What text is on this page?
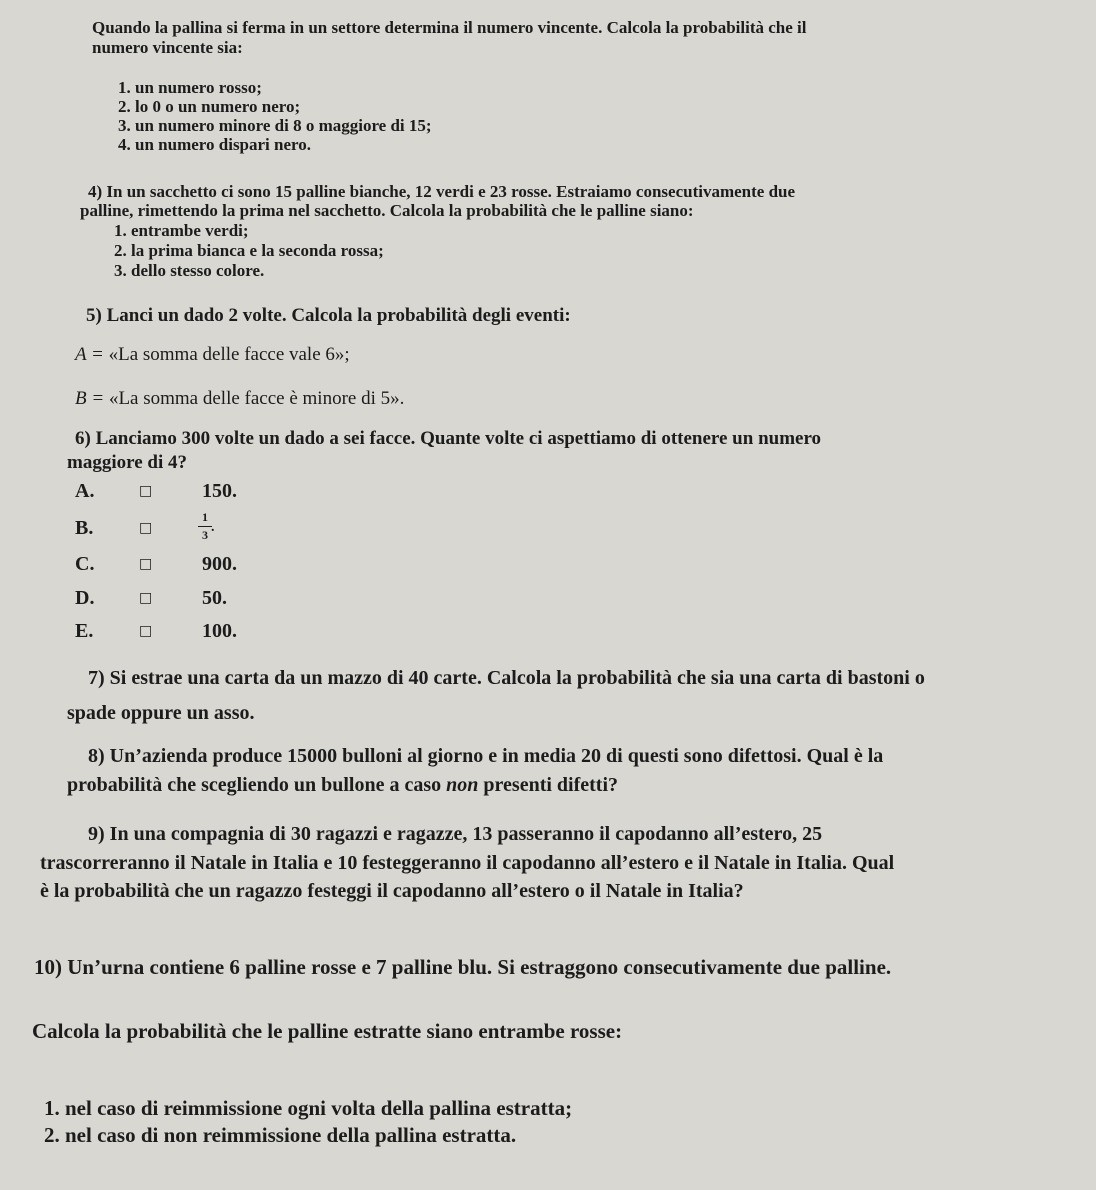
Quando la pallina si ferma in un settore determina il numero vincente. Calcola la probabilità che il
numero vincente sia:
1. un numero rosso;
2. lo 0 o un numero nero;
3. un numero minore di 8 o maggiore di 15;
4. un numero dispari nero.
4) In un sacchetto ci sono 15 palline bianche, 12 verdi e 23 rosse. Estraiamo consecutivamente due
palline, rimettendo la prima nel sacchetto. Calcola la probabilità che le palline siano:
1. entrambe verdi;
2. la prima bianca e la seconda rossa;
3. dello stesso colore.
5) Lanci un dado 2 volte. Calcola la probabilità degli eventi:
A = «La somma delle facce vale 6»;
B = «La somma delle facce è minore di 5».
6) Lanciamo 300 volte un dado a sei facce. Quante volte ci aspettiamo di ottenere un numero
maggiore di 4?
A.	□ 150.
B.	□
1
3 .
C.	□ 900.
D.	□ 50.
E.	□ 100.
7) Si estrae una carta da un mazzo di 40 carte. Calcola la probabilità che sia una carta di bastoni o
spade oppure un asso.
8) Un’azienda produce 15000 bulloni al giorno e in media 20 di questi sono difettosi. Qual è la
probabilità che scegliendo un bullone a caso non presenti difetti?
9) In una compagnia di 30 ragazzi e ragazze, 13 passeranno il capodanno all’estero, 25
trascorreranno il Natale in Italia e 10 festeggeranno il capodanno all’estero e il Natale in Italia. Qual
è la probabilità che un ragazzo festeggi il capodanno all’estero o il Natale in Italia?
10) Un’urna contiene 6 palline rosse e 7 palline blu. Si estraggono consecutivamente due palline.
Calcola la probabilità che le palline estratte siano entrambe rosse:
1. nel caso di reimmissione ogni volta della pallina estratta;
2. nel caso di non reimmissione della pallina estratta.
